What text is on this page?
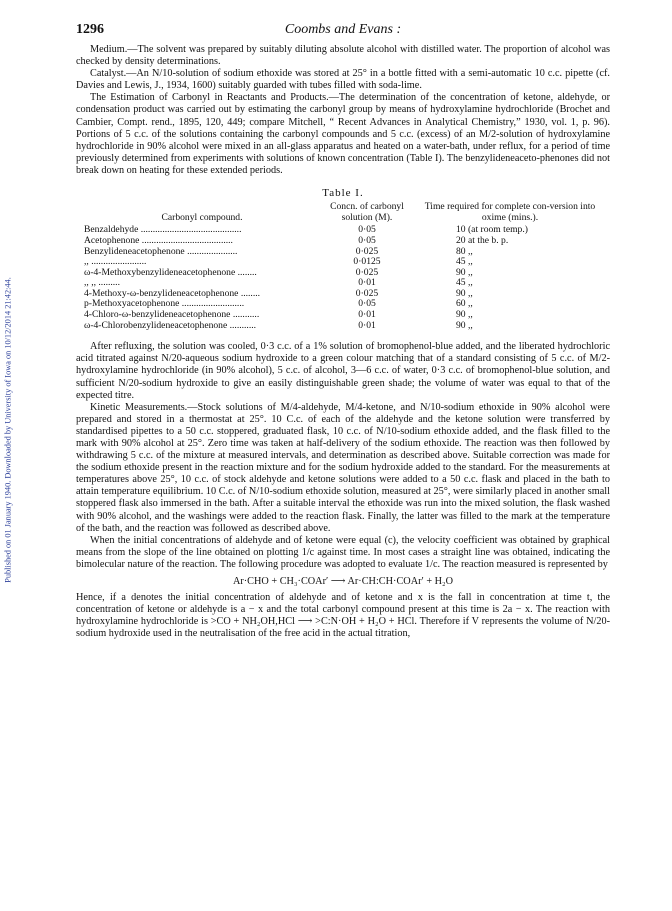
Published on 01 January 1940. Downloaded by University of Iowa on 10/12/2014 21:42:44.
1296	Coombs and Evans :

Medium.—The solvent was prepared by suitably diluting absolute alcohol with distilled water. The proportion of alcohol was checked by density determinations.

Catalyst.—An N/10-solution of sodium ethoxide was stored at 25° in a bottle fitted with a semi-automatic 10 c.c. pipette (cf. Davies and Lewis, J., 1934, 1600) suitably guarded with tubes filled with soda-lime.

The Estimation of Carbonyl in Reactants and Products.—The determination of the concentration of ketone, aldehyde, or condensation product was carried out by estimating the carbonyl group by means of hydroxylamine hydrochloride (Brochet and Cambier, Compt. rend., 1895, 120, 449; compare Mitchell, “ Recent Advances in Analytical Chemistry,” 1930, vol. 1, p. 96). Portions of 5 c.c. of the solutions containing the carbonyl compounds and 5 c.c. (excess) of an M/2-solution of hydroxylamine hydrochloride in 90% alcohol were mixed in an all-glass apparatus and heated on a water-bath, under reflux, for a period of time previously determined from experiments with solutions of known concentration (Table I). The benzylideneaceto-phenones did not break down on heating for these extended periods.

Table I.
Carbonyl compound.	Concn. of carbonyl solution (M).	Time required for complete con-version into oxime (mins.).
Benzaldehyde ..........................................	0·05	10 (at room temp.)
Acetophenone ......................................	0·05	20 at the b. p.
Benzylideneacetophenone .....................	0·025	80 ,,
,, .......................	0·0125	45 ,,
ω-4-Methoxybenzylideneacetophenone ........	0·025	90 ,,
,, ,, .........	0·01	45 ,,
4-Methoxy-ω-benzylideneacetophenone ........	0·025	90 ,,
p-Methoxyacetophenone ..........................	0·05	60 ,,
4-Chloro-ω-benzylideneacetophenone ...........	0·01	90 ,,
ω-4-Chlorobenzylideneacetophenone ...........	0·01	90 ,,

After refluxing, the solution was cooled, 0·3 c.c. of a 1% solution of bromophenol-blue added, and the liberated hydrochloric acid titrated against N/20-aqueous sodium hydroxide to a green colour matching that of a standard consisting of 5 c.c. of M/2-hydroxylamine hydrochloride (in 90% alcohol), 5 c.c. of alcohol, 3—6 c.c. of water, 0·3 c.c. of bromophenol-blue solution, and sufficient N/20-sodium hydroxide to give an easily distinguishable green shade; the volume of water was equal to that of the expected titre.

Kinetic Measurements.—Stock solutions of M/4-aldehyde, M/4-ketone, and N/10-sodium ethoxide in 90% alcohol were prepared and stored in a thermostat at 25°. 10 C.c. of each of the aldehyde and the ketone solution were transferred by standardised pipettes to a 50 c.c. stoppered, graduated flask, 10 c.c. of N/10-sodium ethoxide added, and the flask filled to the mark with 90% alcohol at 25°. Zero time was taken at half-delivery of the sodium ethoxide. The reaction was then followed by withdrawing 5 c.c. of the mixture at measured intervals, and determination as described above. Suitable correction was made for the sodium ethoxide present in the reaction mixture and for the sodium hydroxide added to the standard. For the measurements at temperatures above 25°, 10 c.c. of stock aldehyde and ketone solutions were added to a 50 c.c. flask and placed in the bath to attain temperature equilibrium. 10 C.c. of N/10-sodium ethoxide solution, measured at 25°, were similarly placed in another small stoppered flask also immersed in the bath. After a suitable interval the ethoxide was run into the mixed solution, the flask washed with 90% alcohol, and the washings were added to the reaction flask. Finally, the latter was filled to the mark at the temperature of the bath, and the reaction was followed as described above.

When the initial concentrations of aldehyde and of ketone were equal (c), the velocity coefficient was obtained by graphical means from the slope of the line obtained on plotting 1/c against time. In most cases a straight line was obtained, indicating the bimolecular nature of the reaction. The following procedure was adopted to evaluate 1/c. The reaction measured is represented by

Ar·CHO + CH₃·COAr′ ⟶ Ar·CH:CH·COAr′ + H₂O

Hence, if a denotes the initial concentration of aldehyde and of ketone and x is the fall in concentration at time t, the concentration of ketone or aldehyde is a − x and the total carbonyl compound present at this time is 2a − x. The reaction with hydroxylamine hydrochloride is >CO + NH₂OH,HCl ⟶ >C:N·OH + H₂O + HCl. Therefore if V represents the volume of N/20-sodium hydroxide used in the neutralisation of the free acid in the actual titration,
